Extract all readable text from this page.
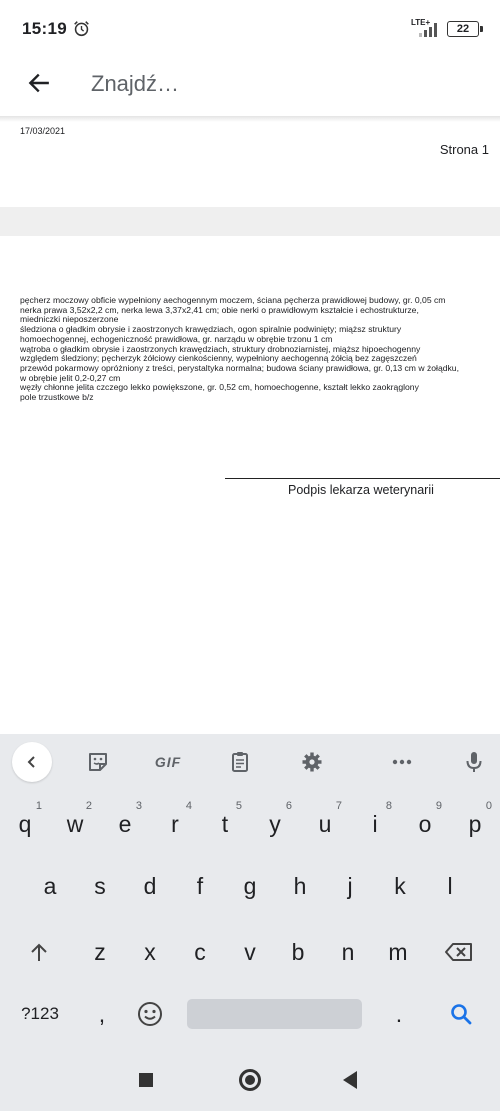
15:19	LTE+
22
Znajdź…
17/03/2021
Strona 1
pęcherz moczowy obficie wypełniony aechogennym moczem, ściana pęcherza prawidłowej budowy, gr. 0,05 cm
nerka prawa 3,52x2,2 cm, nerka lewa 3,37x2,41 cm; obie nerki o prawidłowym kształcie i echostrukturze,
miedniczki nieposzerzone
śledziona o gładkim obrysie i zaostrzonych krawędziach, ogon spiralnie podwinięty; miąższ struktury
homoechogennej, echogeniczność prawidłowa, gr. narządu w obrębie trzonu 1 cm
wątroba o gładkim obrysie i zaostrzonych krawędziach, struktury drobnoziarnistej, miąższ hipoechogenny
względem śledziony; pęcherzyk żółciowy cienkościenny, wypełniony aechogenną żółcią bez zagęszczeń
przewód pokarmowy opróżniony z treści, perystaltyka normalna; budowa ściany prawidłowa, gr. 0,13 cm w żołądku,
w obrębie jelit 0,2-0,27 cm
węzły chłonne jelita czczego lekko powiększone, gr. 0,52 cm, homoechogenne, kształt lekko zaokrąglony
pole trzustkowe b/z
Podpis lekarza weterynarii
GIF
q
1
w
2
e
3
r
4
t
5
y
6
u
7
i
8
o
9
p
0
a	s	d	f	g	h	j	k	l
z	x	c	v	b	n	m
?123	,	.
